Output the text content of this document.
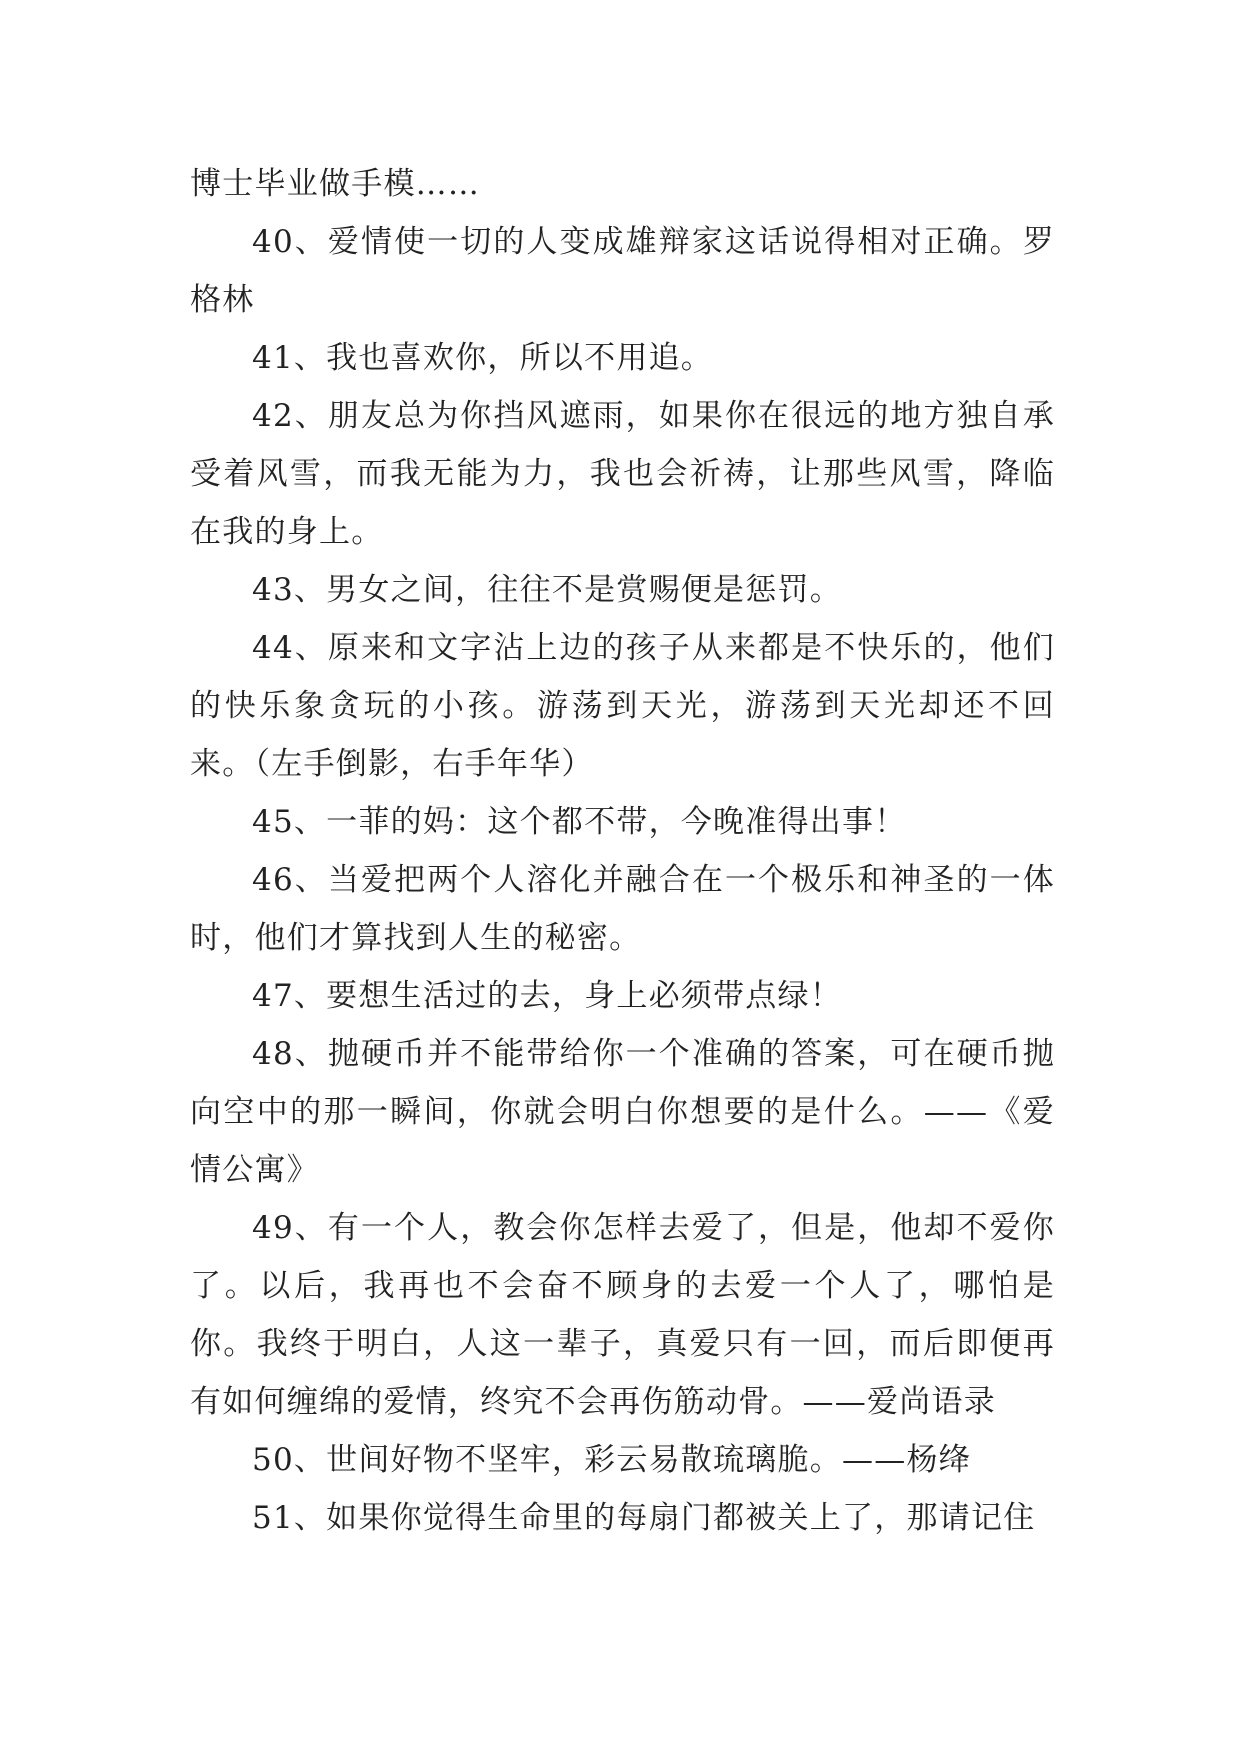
博士毕业做手模……

40、爱情使一切的人变成雄辩家这话说得相对正确。罗格林

41、我也喜欢你，所以不用追。

42、朋友总为你挡风遮雨，如果你在很远的地方独自承受着风雪，而我无能为力，我也会祈祷，让那些风雪，降临在我的身上。

43、男女之间，往往不是赏赐便是惩罚。

44、原来和文字沾上边的孩子从来都是不快乐的，他们的快乐象贪玩的小孩。游荡到天光，游荡到天光却还不回来。（左手倒影，右手年华）

45、一菲的妈：这个都不带，今晚准得出事！

46、当爱把两个人溶化并融合在一个极乐和神圣的一体时，他们才算找到人生的秘密。

47、要想生活过的去，身上必须带点绿！

48、抛硬币并不能带给你一个准确的答案，可在硬币抛向空中的那一瞬间，你就会明白你想要的是什么。——《爱情公寓》

49、有一个人，教会你怎样去爱了，但是，他却不爱你了。以后，我再也不会奋不顾身的去爱一个人了，哪怕是你。我终于明白，人这一辈子，真爱只有一回，而后即便再有如何缠绵的爱情，终究不会再伤筋动骨。——爱尚语录

50、世间好物不坚牢，彩云易散琉璃脆。——杨绛

51、如果你觉得生命里的每扇门都被关上了，那请记住
